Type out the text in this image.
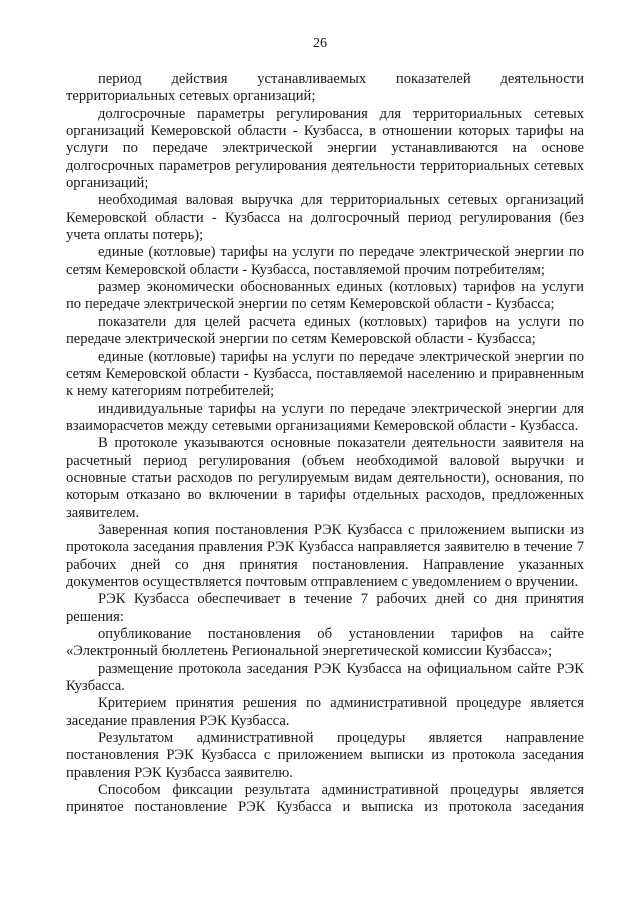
26

период действия устанавливаемых показателей деятельности территориальных сетевых организаций;

долгосрочные параметры регулирования для территориальных сетевых организаций Кемеровской области - Кузбасса, в отношении которых тарифы на услуги по передаче электрической энергии устанавливаются на основе долгосрочных параметров регулирования деятельности территориальных сетевых организаций;

необходимая валовая выручка для территориальных сетевых организаций Кемеровской области - Кузбасса на долгосрочный период регулирования (без учета оплаты потерь);

единые (котловые) тарифы на услуги по передаче электрической энергии по сетям Кемеровской области - Кузбасса, поставляемой прочим потребителям;

размер экономически обоснованных единых (котловых) тарифов на услуги по передаче электрической энергии по сетям Кемеровской области - Кузбасса;

показатели для целей расчета единых (котловых) тарифов на услуги по передаче электрической энергии по сетям Кемеровской области - Кузбасса;

единые (котловые) тарифы на услуги по передаче электрической энергии по сетям Кемеровской области - Кузбасса, поставляемой населению и приравненным к нему категориям потребителей;

индивидуальные тарифы на услуги по передаче электрической энергии для взаиморасчетов между сетевыми организациями Кемеровской области - Кузбасса.

В протоколе указываются основные показатели деятельности заявителя на расчетный период регулирования (объем необходимой валовой выручки и основные статьи расходов по регулируемым видам деятельности), основания, по которым отказано во включении в тарифы отдельных расходов, предложенных заявителем.

Заверенная копия постановления РЭК Кузбасса с приложением выписки из протокола заседания правления РЭК Кузбасса направляется заявителю в течение 7 рабочих дней со дня принятия постановления. Направление указанных документов осуществляется почтовым отправлением с уведомлением о вручении.

РЭК Кузбасса обеспечивает в течение 7 рабочих дней со дня принятия решения:

опубликование постановления об установлении тарифов на сайте «Электронный бюллетень Региональной энергетической комиссии Кузбасса»;

размещение протокола заседания РЭК Кузбасса на официальном сайте РЭК Кузбасса.

Критерием принятия решения по административной процедуре является заседание правления РЭК Кузбасса.

Результатом административной процедуры является направление постановления РЭК Кузбасса с приложением выписки из протокола заседания правления РЭК Кузбасса заявителю.

Способом фиксации результата административной процедуры является принятое постановление РЭК Кузбасса и выписка из протокола заседания
